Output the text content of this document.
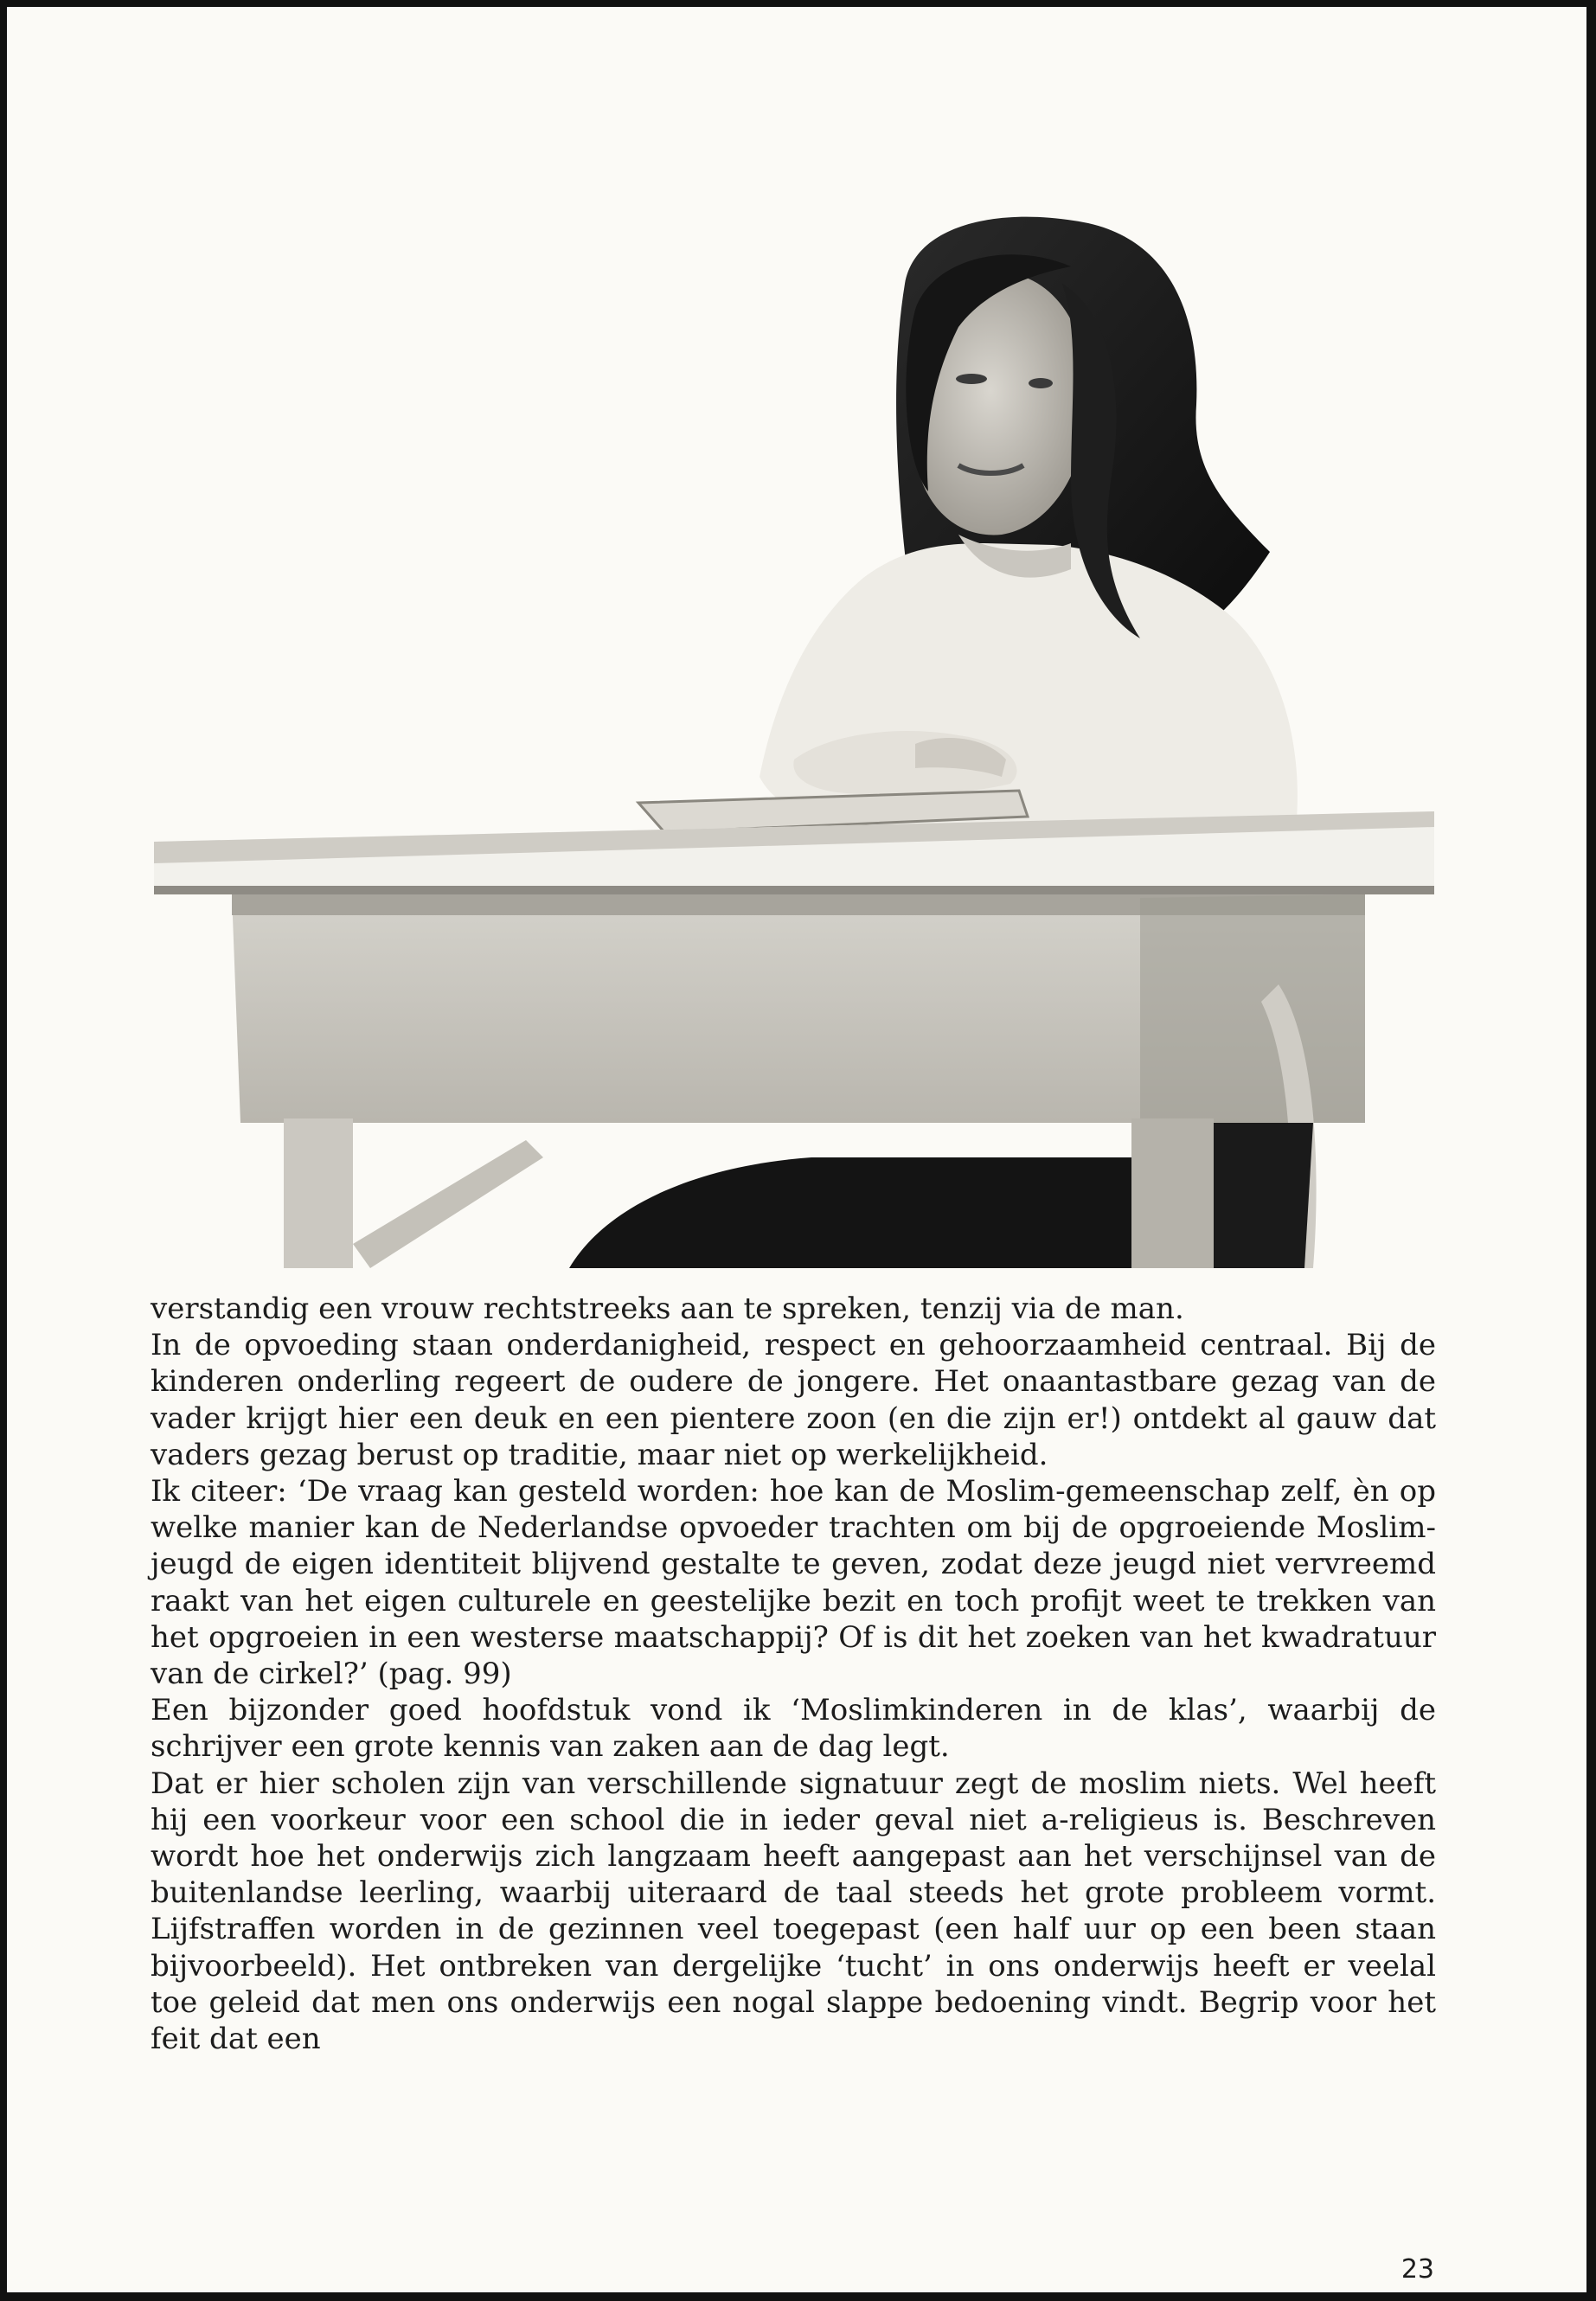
verstandig een vrouw rechtstreeks aan te spreken, tenzij via de man.

In de opvoeding staan onderdanigheid, respect en gehoorzaamheid centraal. Bij de kinderen onderling regeert de oudere de jongere. Het onaantastbare gezag van de vader krijgt hier een deuk en een pientere zoon (en die zijn er!) ontdekt al gauw dat vaders gezag berust op traditie, maar niet op werkelijkheid.

Ik citeer: ‘De vraag kan gesteld worden: hoe kan de Moslim-gemeenschap zelf, èn op welke manier kan de Nederlandse opvoeder trachten om bij de opgroeiende Moslim-jeugd de eigen identiteit blijvend gestalte te geven, zodat deze jeugd niet vervreemd raakt van het eigen culturele en geestelijke bezit en toch profijt weet te trekken van het opgroeien in een westerse maatschappij? Of is dit het zoeken van het kwadratuur van de cirkel?’ (pag. 99)

Een bijzonder goed hoofdstuk vond ik ‘Moslimkinderen in de klas’, waarbij de schrijver een grote kennis van zaken aan de dag legt.

Dat er hier scholen zijn van verschillende signatuur zegt de moslim niets. Wel heeft hij een voorkeur voor een school die in ieder geval niet a-religieus is. Beschreven wordt hoe het onderwijs zich langzaam heeft aangepast aan het verschijnsel van de buitenlandse leerling, waarbij uiteraard de taal steeds het grote probleem vormt. Lijfstraffen worden in de gezinnen veel toegepast (een half uur op een been staan bijvoorbeeld). Het ontbreken van dergelijke ‘tucht’ in ons onderwijs heeft er veelal toe geleid dat men ons onderwijs een nogal slappe bedoening vindt. Begrip voor het feit dat een

23
